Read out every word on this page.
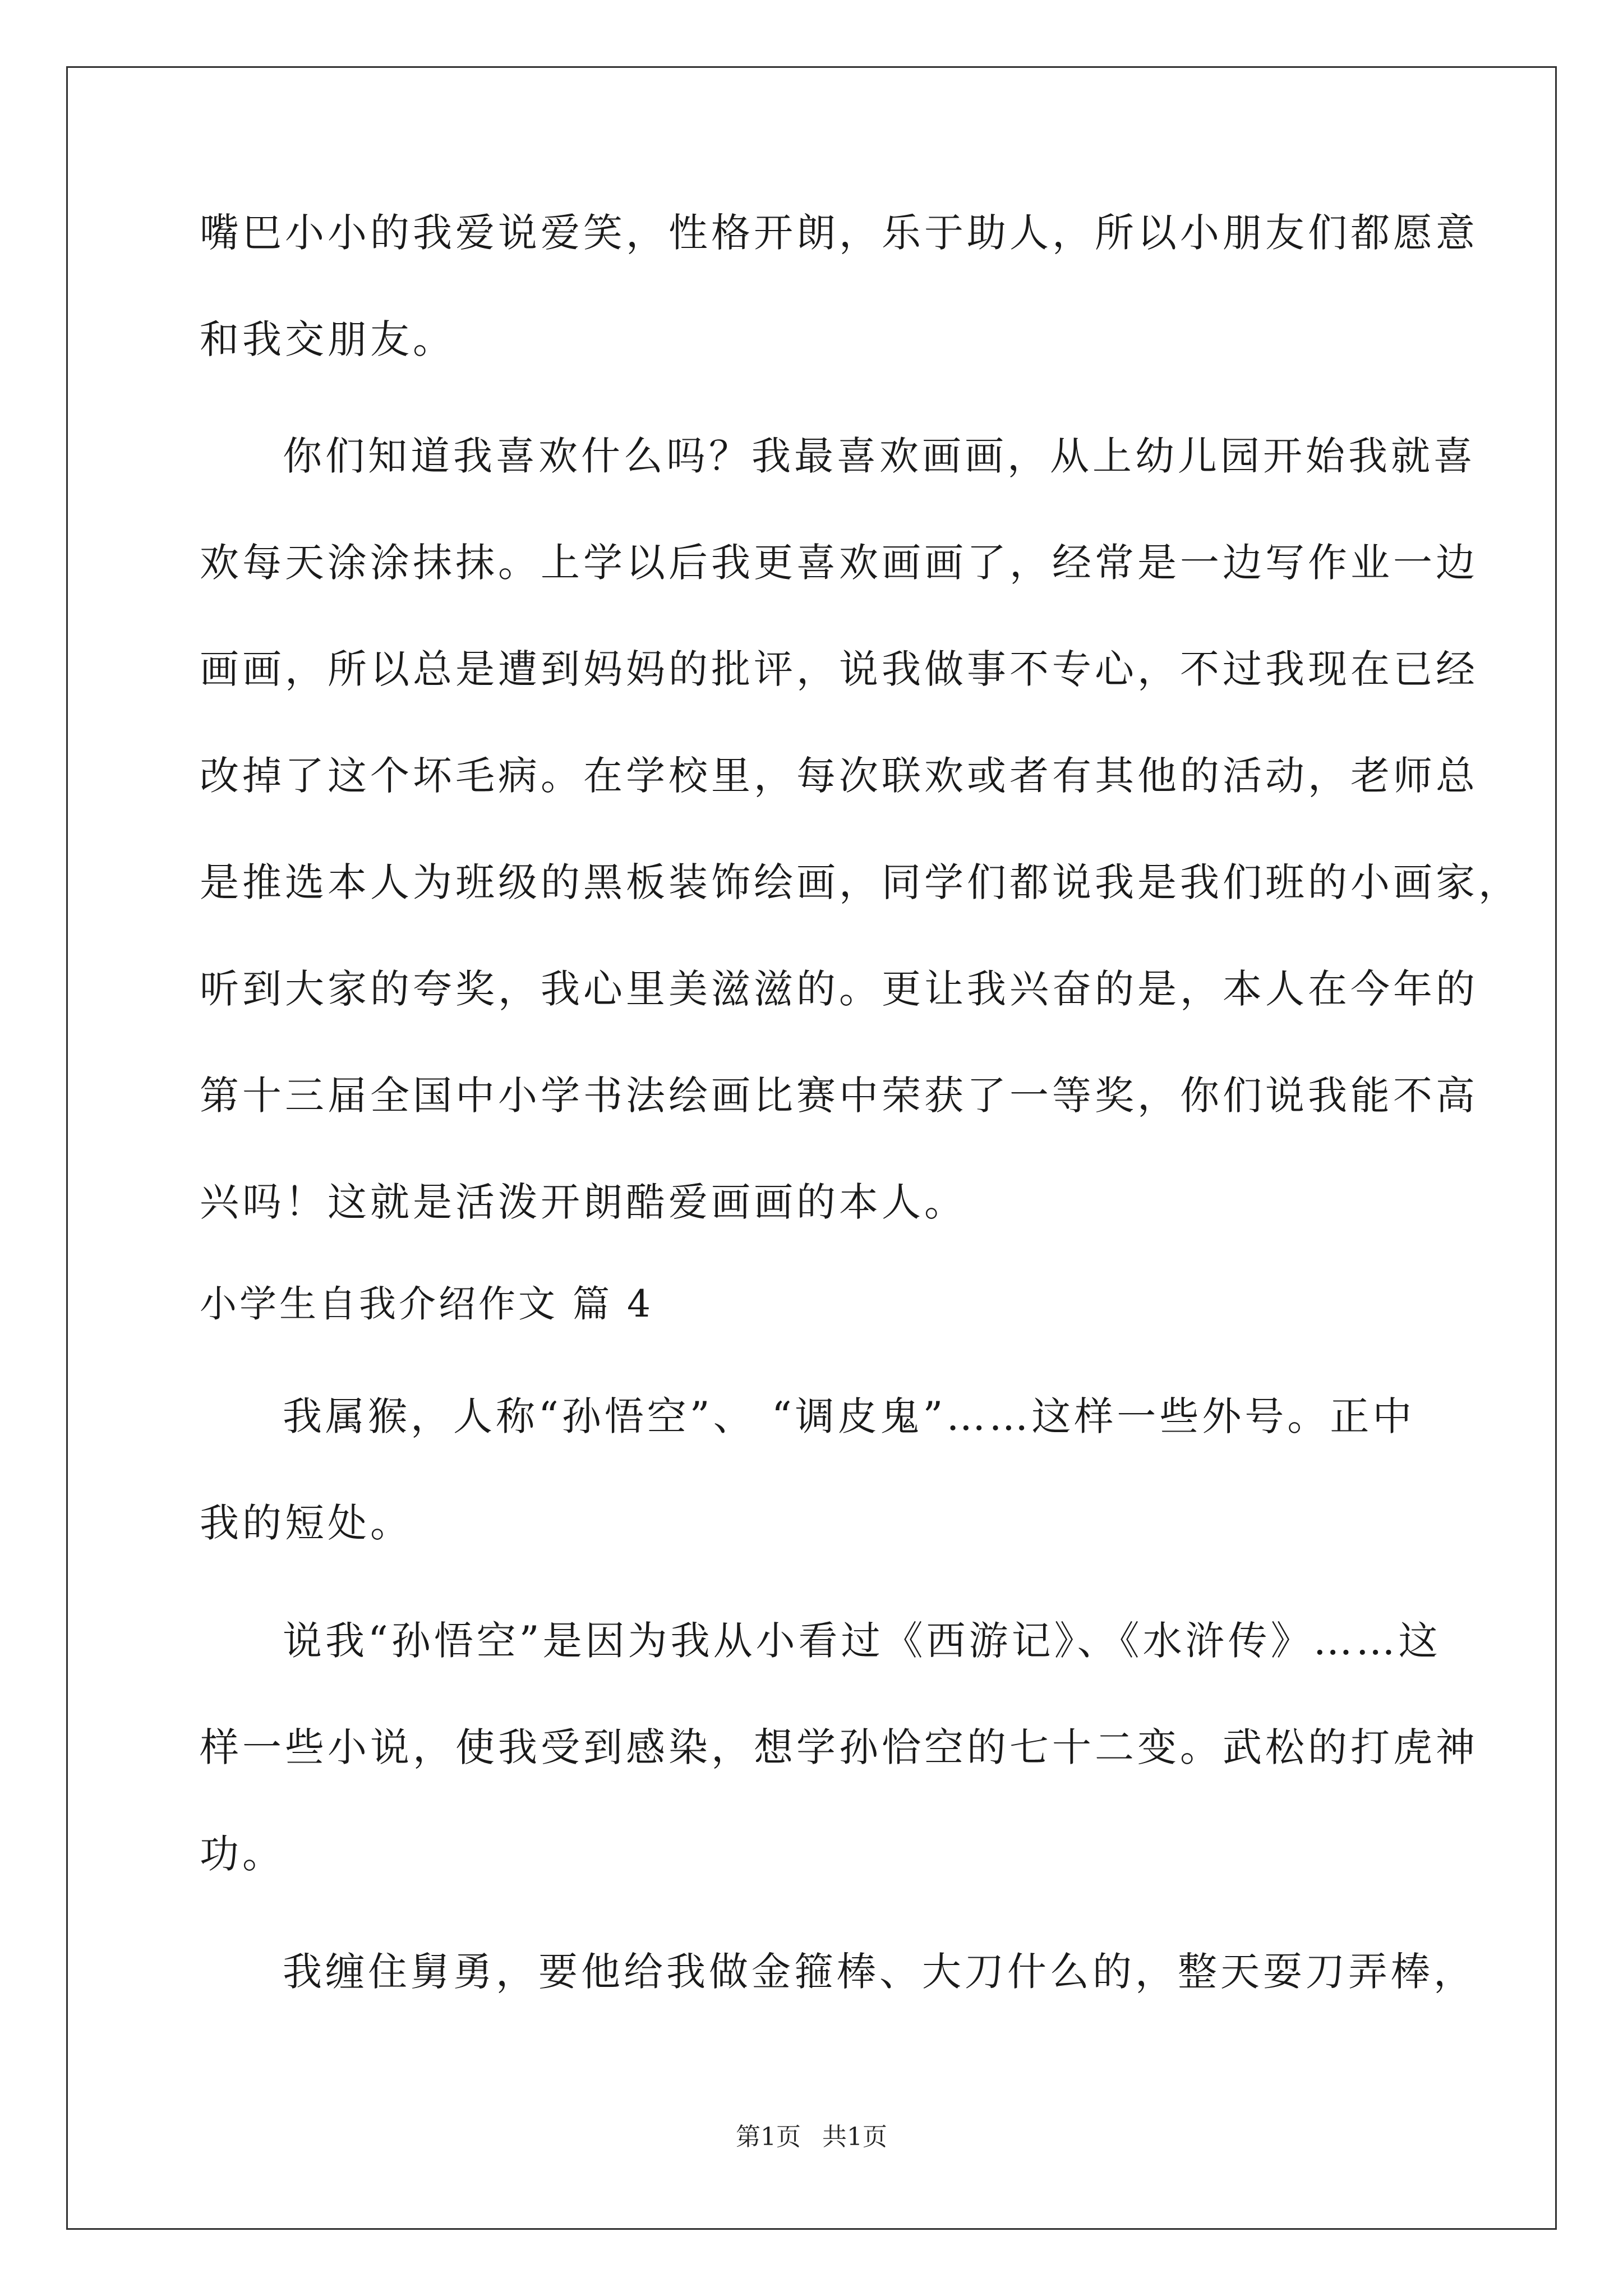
嘴巴小小的我爱说爱笑，性格开朗，乐于助人，所以小朋友们都愿意
和我交朋友。
你们知道我喜欢什么吗？我最喜欢画画，从上幼儿园开始我就喜
欢每天涂涂抹抹。上学以后我更喜欢画画了，经常是一边写作业一边
画画，所以总是遭到妈妈的批评，说我做事不专心，不过我现在已经
改掉了这个坏毛病。在学校里，每次联欢或者有其他的活动，老师总
是推选本人为班级的黑板装饰绘画，同学们都说我是我们班的小画家，
听到大家的夸奖，我心里美滋滋的。更让我兴奋的是，本人在今年的
第十三届全国中小学书法绘画比赛中荣获了一等奖，你们说我能不高
兴吗！这就是活泼开朗酷爱画画的本人。
小学生自我介绍作文 篇 4
我属猴，人称“孙悟空”、 “调皮鬼”……这样一些外号。正中
我的短处。
说我“孙悟空”是因为我从小看过《西游记》、《水浒传》……这
样一些小说，使我受到感染，想学孙恰空的七十二变。武松的打虎神
功。
我缠住舅勇，要他给我做金箍棒、大刀什么的，整天耍刀弄棒，
第1页 共1页
